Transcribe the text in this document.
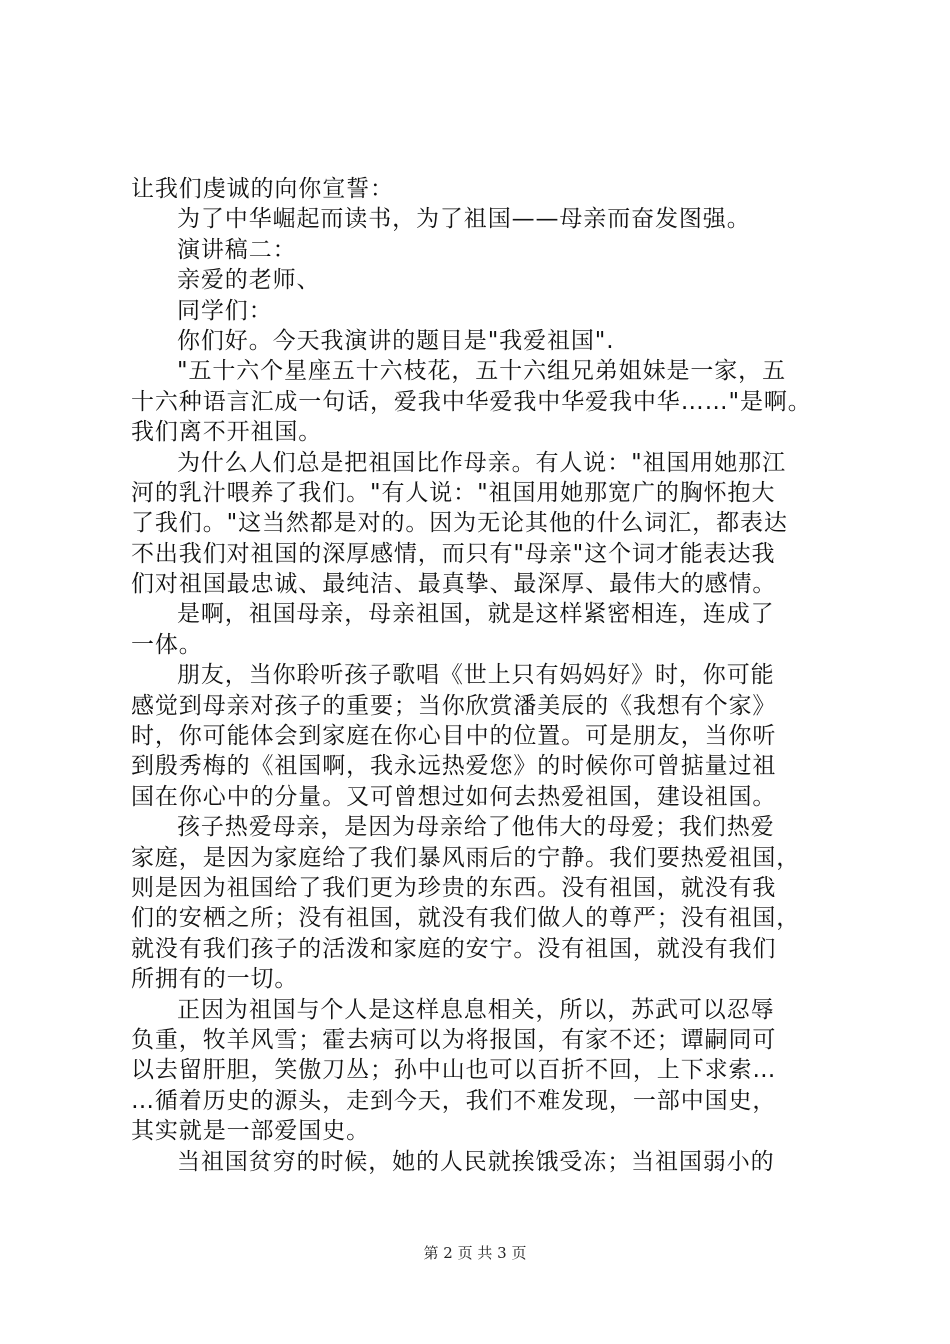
让我们虔诚的向你宣誓：
为了中华崛起而读书，为了祖国——母亲而奋发图强。
演讲稿二：
亲爱的老师、
同学们：
你们好。今天我演讲的题目是"我爱祖国".
"五十六个星座五十六枝花，五十六组兄弟姐妹是一家，五
十六种语言汇成一句话，爱我中华爱我中华爱我中华……"是啊。
我们离不开祖国。
为什么人们总是把祖国比作母亲。有人说："祖国用她那江
河的乳汁喂养了我们。"有人说："祖国用她那宽广的胸怀抱大
了我们。"这当然都是对的。因为无论其他的什么词汇，都表达
不出我们对祖国的深厚感情，而只有"母亲"这个词才能表达我
们对祖国最忠诚、最纯洁、最真挚、最深厚、最伟大的感情。
是啊，祖国母亲，母亲祖国，就是这样紧密相连，连成了
一体。
朋友，当你聆听孩子歌唱《世上只有妈妈好》时，你可能
感觉到母亲对孩子的重要；当你欣赏潘美辰的《我想有个家》
时，你可能体会到家庭在你心目中的位置。可是朋友，当你听
到殷秀梅的《祖国啊，我永远热爱您》的时候你可曾掂量过祖
国在你心中的分量。又可曾想过如何去热爱祖国，建设祖国。
孩子热爱母亲，是因为母亲给了他伟大的母爱；我们热爱
家庭，是因为家庭给了我们暴风雨后的宁静。我们要热爱祖国，
则是因为祖国给了我们更为珍贵的东西。没有祖国，就没有我
们的安栖之所；没有祖国，就没有我们做人的尊严；没有祖国，
就没有我们孩子的活泼和家庭的安宁。没有祖国，就没有我们
所拥有的一切。
正因为祖国与个人是这样息息相关，所以，苏武可以忍辱
负重，牧羊风雪；霍去病可以为将报国，有家不还；谭嗣同可
以去留肝胆，笑傲刀丛；孙中山也可以百折不回，上下求索…
…循着历史的源头，走到今天，我们不难发现，一部中国史，
其实就是一部爱国史。
当祖国贫穷的时候，她的人民就挨饿受冻；当祖国弱小的
第 2 页 共 3 页
